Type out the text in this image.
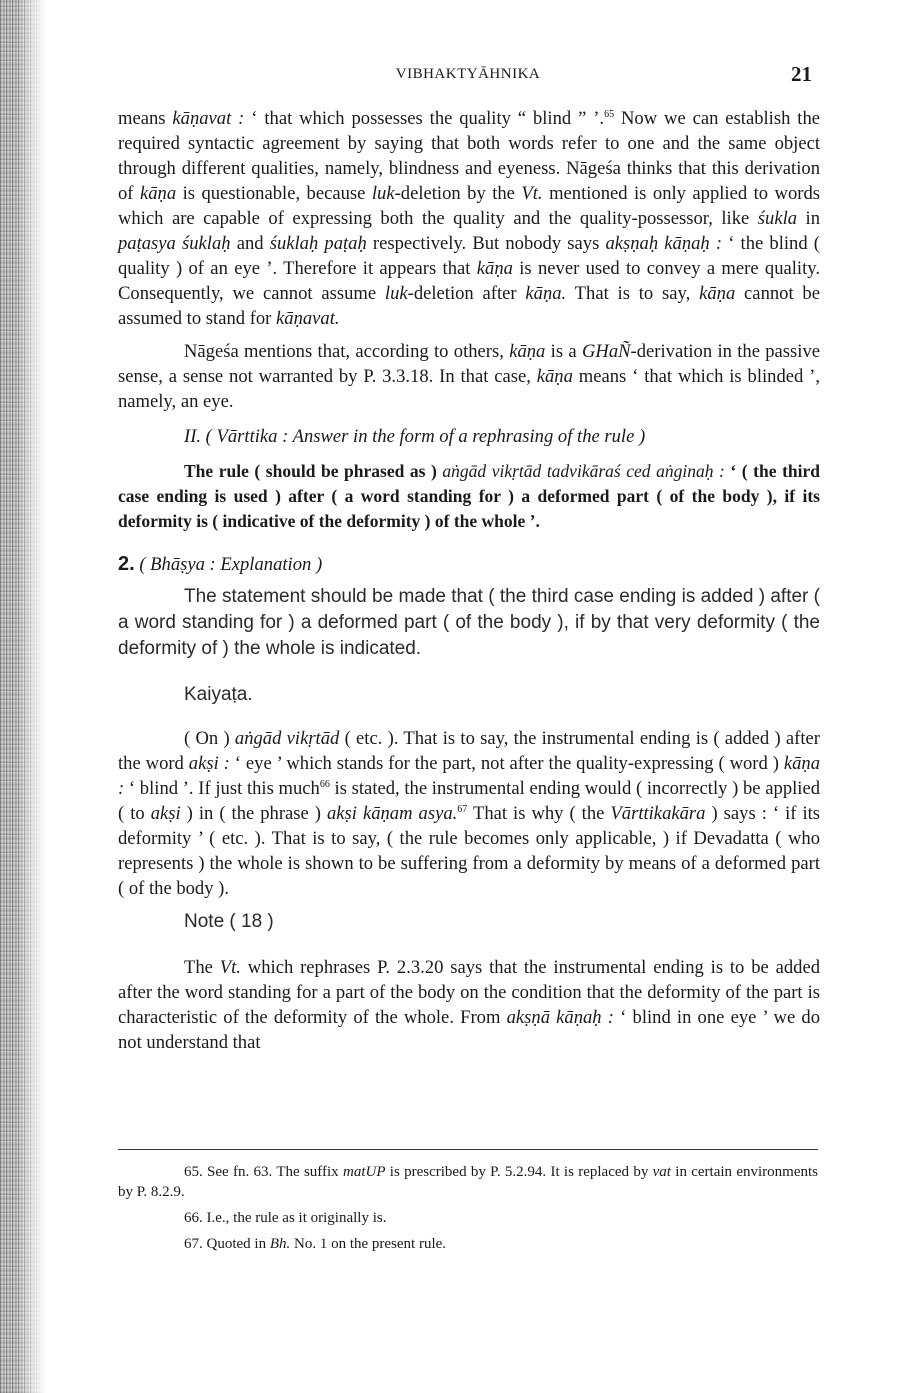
VIBHAKTYĀHNIKA	21

means kāṇavat : ‘ that which possesses the quality “ blind ” ’.$^{65}$ Now we can establish the required syntactic agreement by saying that both words refer to one and the same object through different qualities, namely, blindness and eyeness. Nāgeśa thinks that this derivation of kāṇa is questionable, because luk-deletion by the Vt. mentioned is only applied to words which are capable of expressing both the quality and the quality-possessor, like śukla in paṭasya śuklaḥ and śuklaḥ paṭaḥ respectively. But nobody says akṣṇaḥ kāṇaḥ : ‘ the blind ( quality ) of an eye ’. Therefore it appears that kāṇa is never used to convey a mere quality. Consequently, we cannot assume luk-deletion after kāṇa. That is to say, kāṇa cannot be assumed to stand for kāṇavat.

Nāgeśa mentions that, according to others, kāṇa is a GHaÑ-derivation in the passive sense, a sense not warranted by P. 3.3.18. In that case, kāṇa means ‘ that which is blinded ’, namely, an eye.

II. ( Vārttika : Answer in the form of a rephrasing of the rule )

The rule ( should be phrased as ) aṅgād vikṛtād tadvikāraś ced aṅginaḥ : ‘ ( the third case ending is used ) after ( a word standing for ) a deformed part ( of the body ), if its deformity is ( indicative of the deformity ) of the whole ’.

2. ( Bhāṣya : Explanation )

The statement should be made that ( the third case ending is added ) after ( a word standing for ) a deformed part ( of the body ), if by that very deformity ( the deformity of ) the whole is indicated.

Kaiyaṭa.

( On ) aṅgād vikṛtād ( etc. ). That is to say, the instrumental ending is ( added ) after the word akṣi : ‘ eye ’ which stands for the part, not after the quality-expressing ( word ) kāṇa : ‘ blind ’. If just this much$^{66}$ is stated, the instrumental ending would ( incorrectly ) be applied ( to akṣi ) in ( the phrase ) akṣi kāṇam asya.$^{67}$ That is why ( the Vārttikakāra ) says : ‘ if its deformity ’ ( etc. ). That is to say, ( the rule becomes only applicable, ) if Devadatta ( who represents ) the whole is shown to be suffering from a deformity by means of a deformed part ( of the body ).

Note ( 18 )

The Vt. which rephrases P. 2.3.20 says that the instrumental ending is to be added after the word standing for a part of the body on the condition that the deformity of the part is characteristic of the deformity of the whole. From akṣṇā kāṇaḥ : ‘ blind in one eye ’ we do not understand that

65. See fn. 63. The suffix matUP is prescribed by P. 5.2.94. It is replaced by vat in certain environments by P. 8.2.9.

66. I.e., the rule as it originally is.

67. Quoted in Bh. No. 1 on the present rule.
